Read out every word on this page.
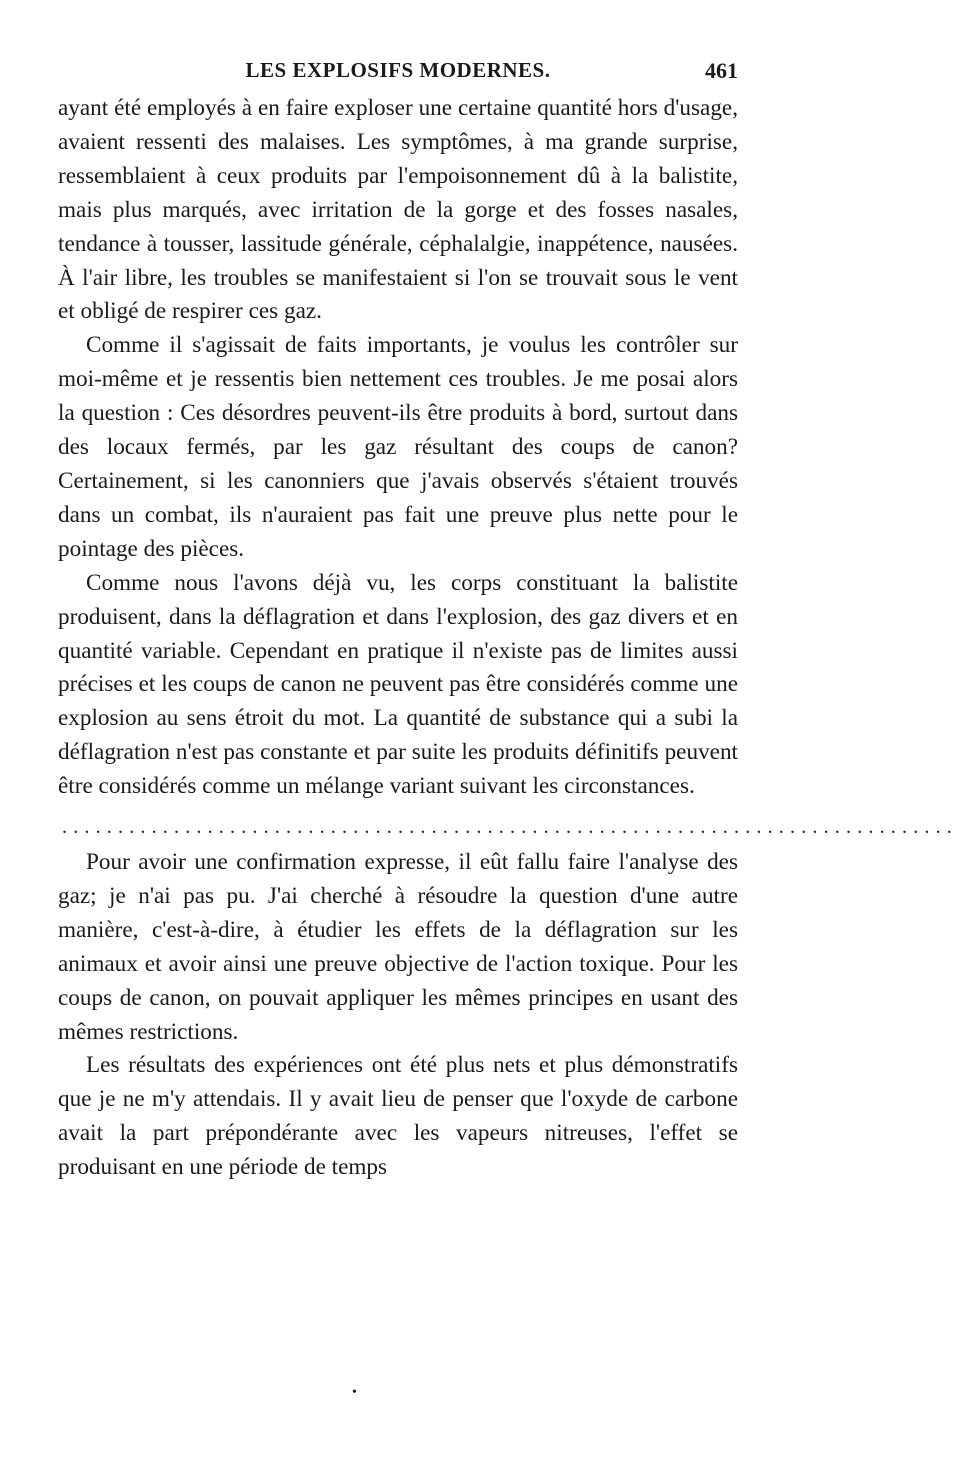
LES EXPLOSIFS MODERNES.	461

ayant été employés à en faire exploser une certaine quantité hors d'usage, avaient ressenti des malaises. Les symptômes, à ma grande surprise, ressemblaient à ceux produits par l'empoisonnement dû à la balistite, mais plus marqués, avec irritation de la gorge et des fosses nasales, tendance à tousser, lassitude générale, céphalalgie, inappétence, nausées. À l'air libre, les troubles se manifestaient si l'on se trouvait sous le vent et obligé de respirer ces gaz.

Comme il s'agissait de faits importants, je voulus les contrôler sur moi-même et je ressentis bien nettement ces troubles. Je me posai alors la question : Ces désordres peuvent-ils être produits à bord, surtout dans des locaux fermés, par les gaz résultant des coups de canon? Certainement, si les canonniers que j'avais observés s'étaient trouvés dans un combat, ils n'auraient pas fait une preuve plus nette pour le pointage des pièces.

Comme nous l'avons déjà vu, les corps constituant la balistite produisent, dans la déflagration et dans l'explosion, des gaz divers et en quantité variable. Cependant en pratique il n'existe pas de limites aussi précises et les coups de canon ne peuvent pas être considérés comme une explosion au sens étroit du mot. La quantité de substance qui a subi la déflagration n'est pas constante et par suite les produits définitifs peuvent être considérés comme un mélange variant suivant les circonstances.

................................................................................

Pour avoir une confirmation expresse, il eût fallu faire l'analyse des gaz; je n'ai pas pu. J'ai cherché à résoudre la question d'une autre manière, c'est-à-dire, à étudier les effets de la déflagration sur les animaux et avoir ainsi une preuve objective de l'action toxique. Pour les coups de canon, on pouvait appliquer les mêmes principes en usant des mêmes restrictions.

Les résultats des expériences ont été plus nets et plus démonstratifs que je ne m'y attendais. Il y avait lieu de penser que l'oxyde de carbone avait la part prépondérante avec les vapeurs nitreuses, l'effet se produisant en une période de temps

•
